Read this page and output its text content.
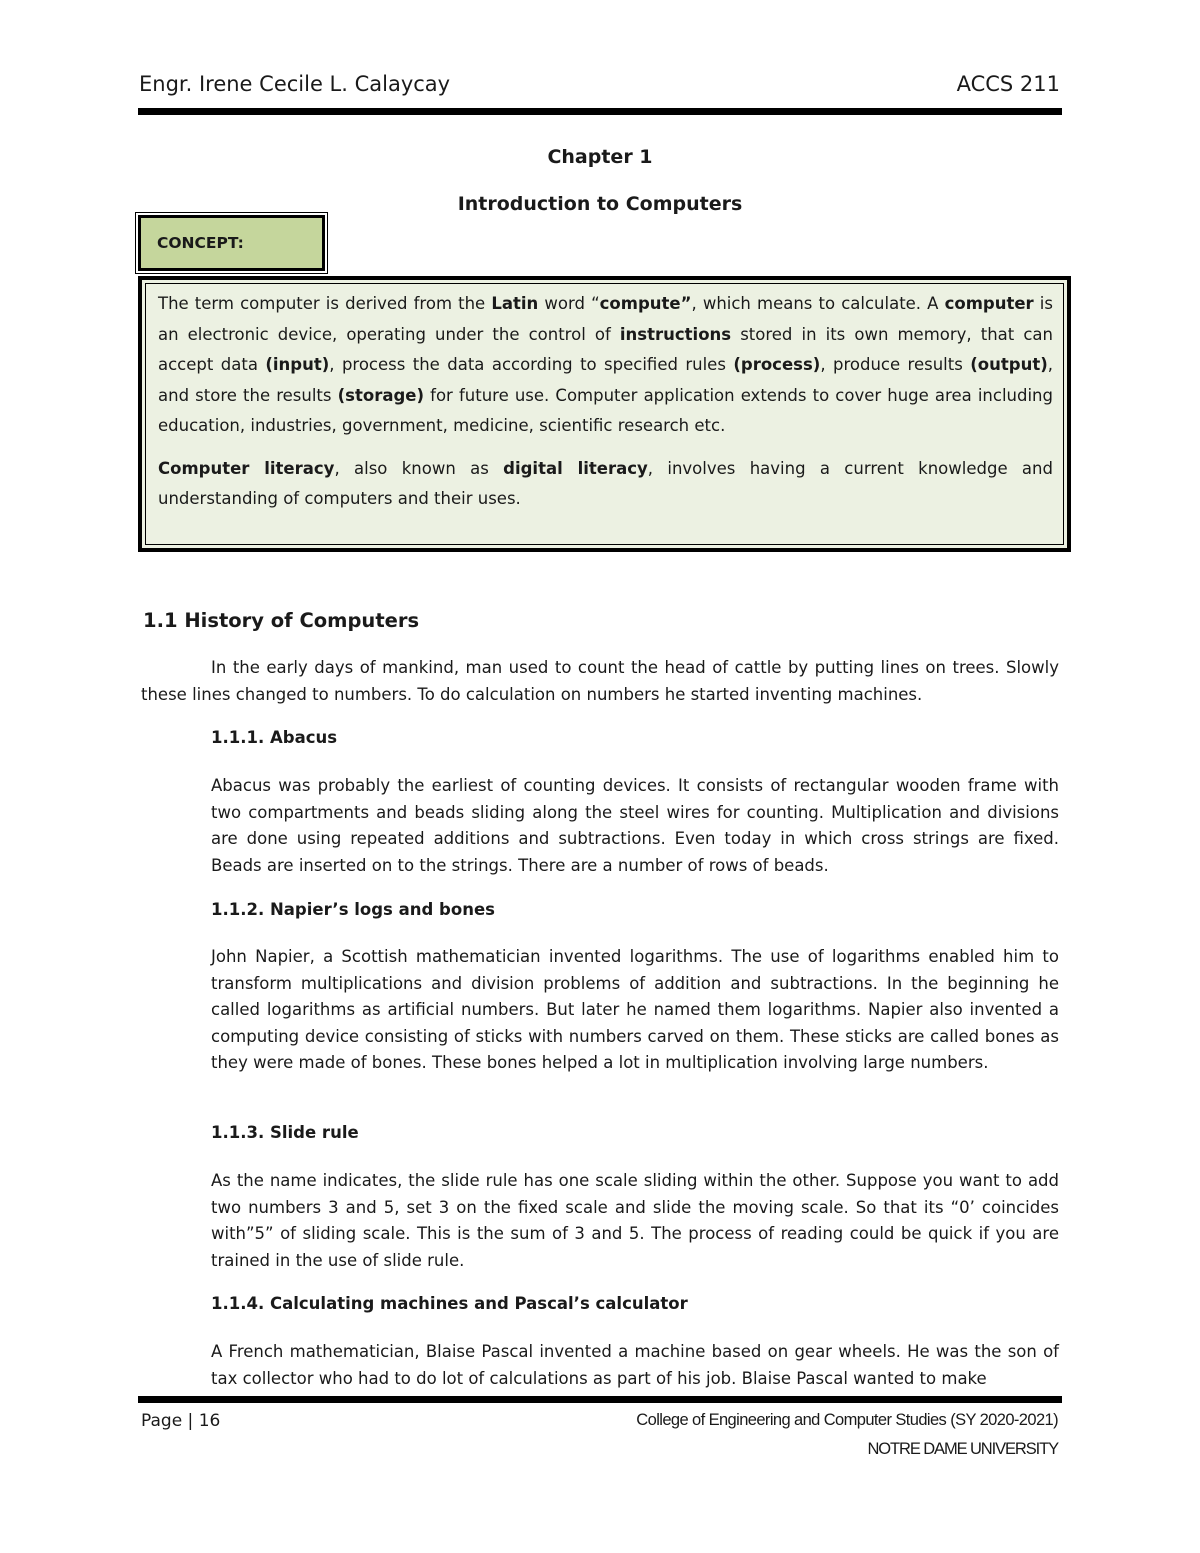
Engr. Irene Cecile L. Calaycay	ACCS 211
Chapter 1
Introduction to Computers
CONCEPT:

The term computer is derived from the Latin word “compute”, which means to calculate. A computer is an electronic device, operating under the control of instructions stored in its own memory, that can accept data (input), process the data according to specified rules (process), produce results (output), and store the results (storage) for future use. Computer application extends to cover huge area including education, industries, government, medicine, scientific research etc.

Computer literacy, also known as digital literacy, involves having a current knowledge and understanding of computers and their uses.

1.1 History of Computers
In the early days of mankind, man used to count the head of cattle by putting lines on trees. Slowly these lines changed to numbers. To do calculation on numbers he started inventing machines.
1.1.1. Abacus
Abacus was probably the earliest of counting devices. It consists of rectangular wooden frame with two compartments and beads sliding along the steel wires for counting. Multiplication and divisions are done using repeated additions and subtractions. Even today in which cross strings are fixed. Beads are inserted on to the strings. There are a number of rows of beads.
1.1.2. Napier’s logs and bones
John Napier, a Scottish mathematician invented logarithms. The use of logarithms enabled him to transform multiplications and division problems of addition and subtractions. In the beginning he called logarithms as artificial numbers. But later he named them logarithms. Napier also invented a computing device consisting of sticks with numbers carved on them. These sticks are called bones as they were made of bones. These bones helped a lot in multiplication involving large numbers.
1.1.3. Slide rule
As the name indicates, the slide rule has one scale sliding within the other. Suppose you want to add two numbers 3 and 5, set 3 on the fixed scale and slide the moving scale. So that its “0’ coincides with”5” of sliding scale. This is the sum of 3 and 5. The process of reading could be quick if you are trained in the use of slide rule.
1.1.4. Calculating machines and Pascal’s calculator
A French mathematician, Blaise Pascal invented a machine based on gear wheels. He was the son of tax collector who had to do lot of calculations as part of his job. Blaise Pascal wanted to make
Page | 16	College of Engineering and Computer Studies (SY 2020-2021)
NOTRE DAME UNIVERSITY
